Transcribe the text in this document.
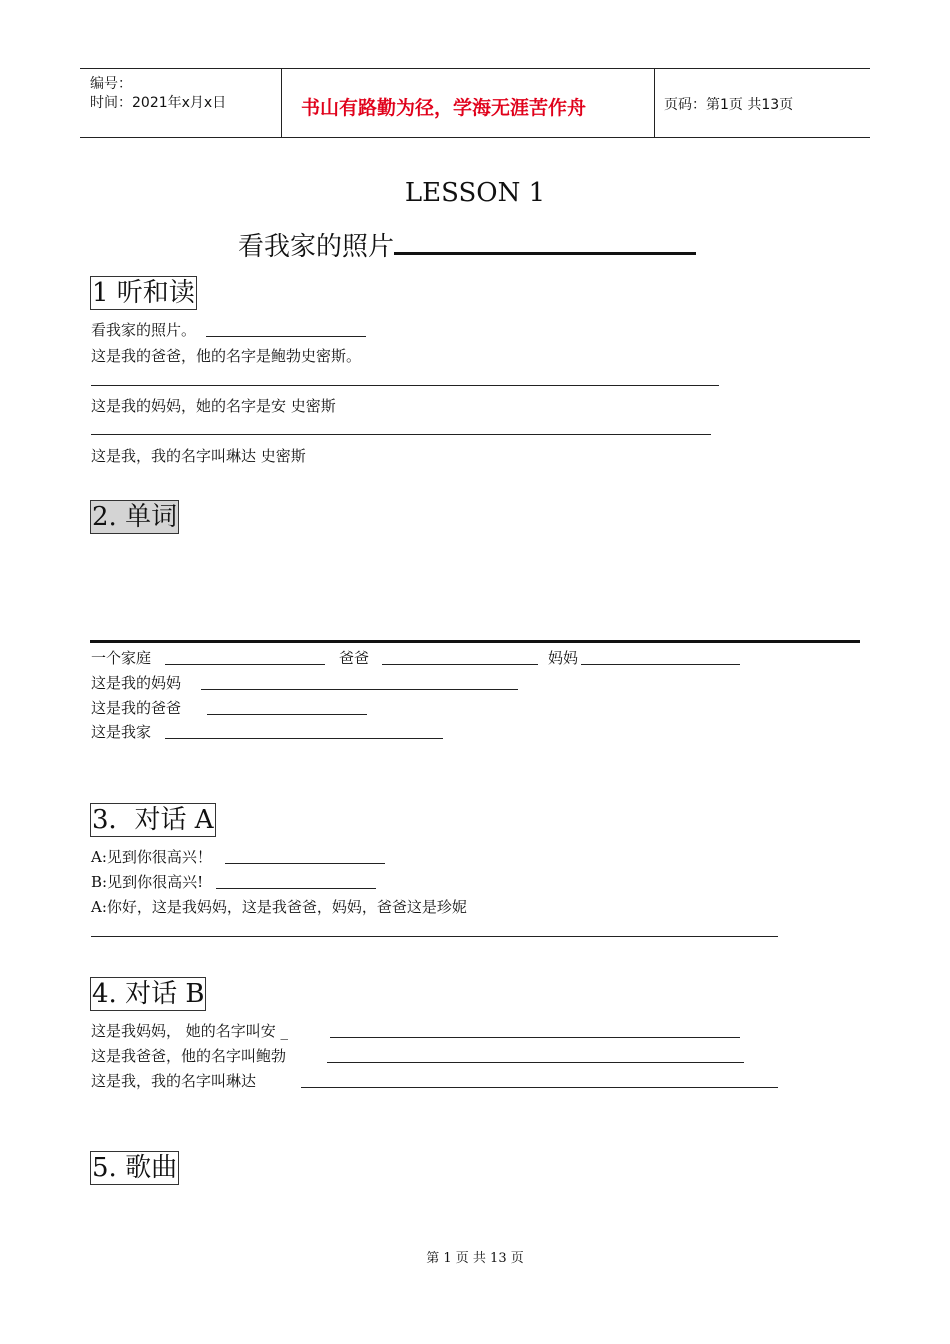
编号：
时间：2021年x月x日	书山有路勤为径，学海无涯苦作舟	页码：第1页 共13页
LESSON 1
看我家的照片
1 听和读
看我家的照片。
这是我的爸爸，他的名字是鲍勃史密斯。
这是我的妈妈，她的名字是安 史密斯
这是我，我的名字叫琳达 史密斯
2. 单词
一个家庭	爸爸	妈妈
这是我的妈妈
这是我的爸爸
这是我家
3．对话 A
A:见到你很高兴！
B:见到你很高兴!
A:你好，这是我妈妈，这是我爸爸，妈妈，爸爸这是珍妮
4. 对话 B
这是我妈妈， 她的名字叫安 _
这是我爸爸，他的名字叫鲍勃
这是我，我的名字叫琳达
5. 歌曲
第 1 页 共 13 页
